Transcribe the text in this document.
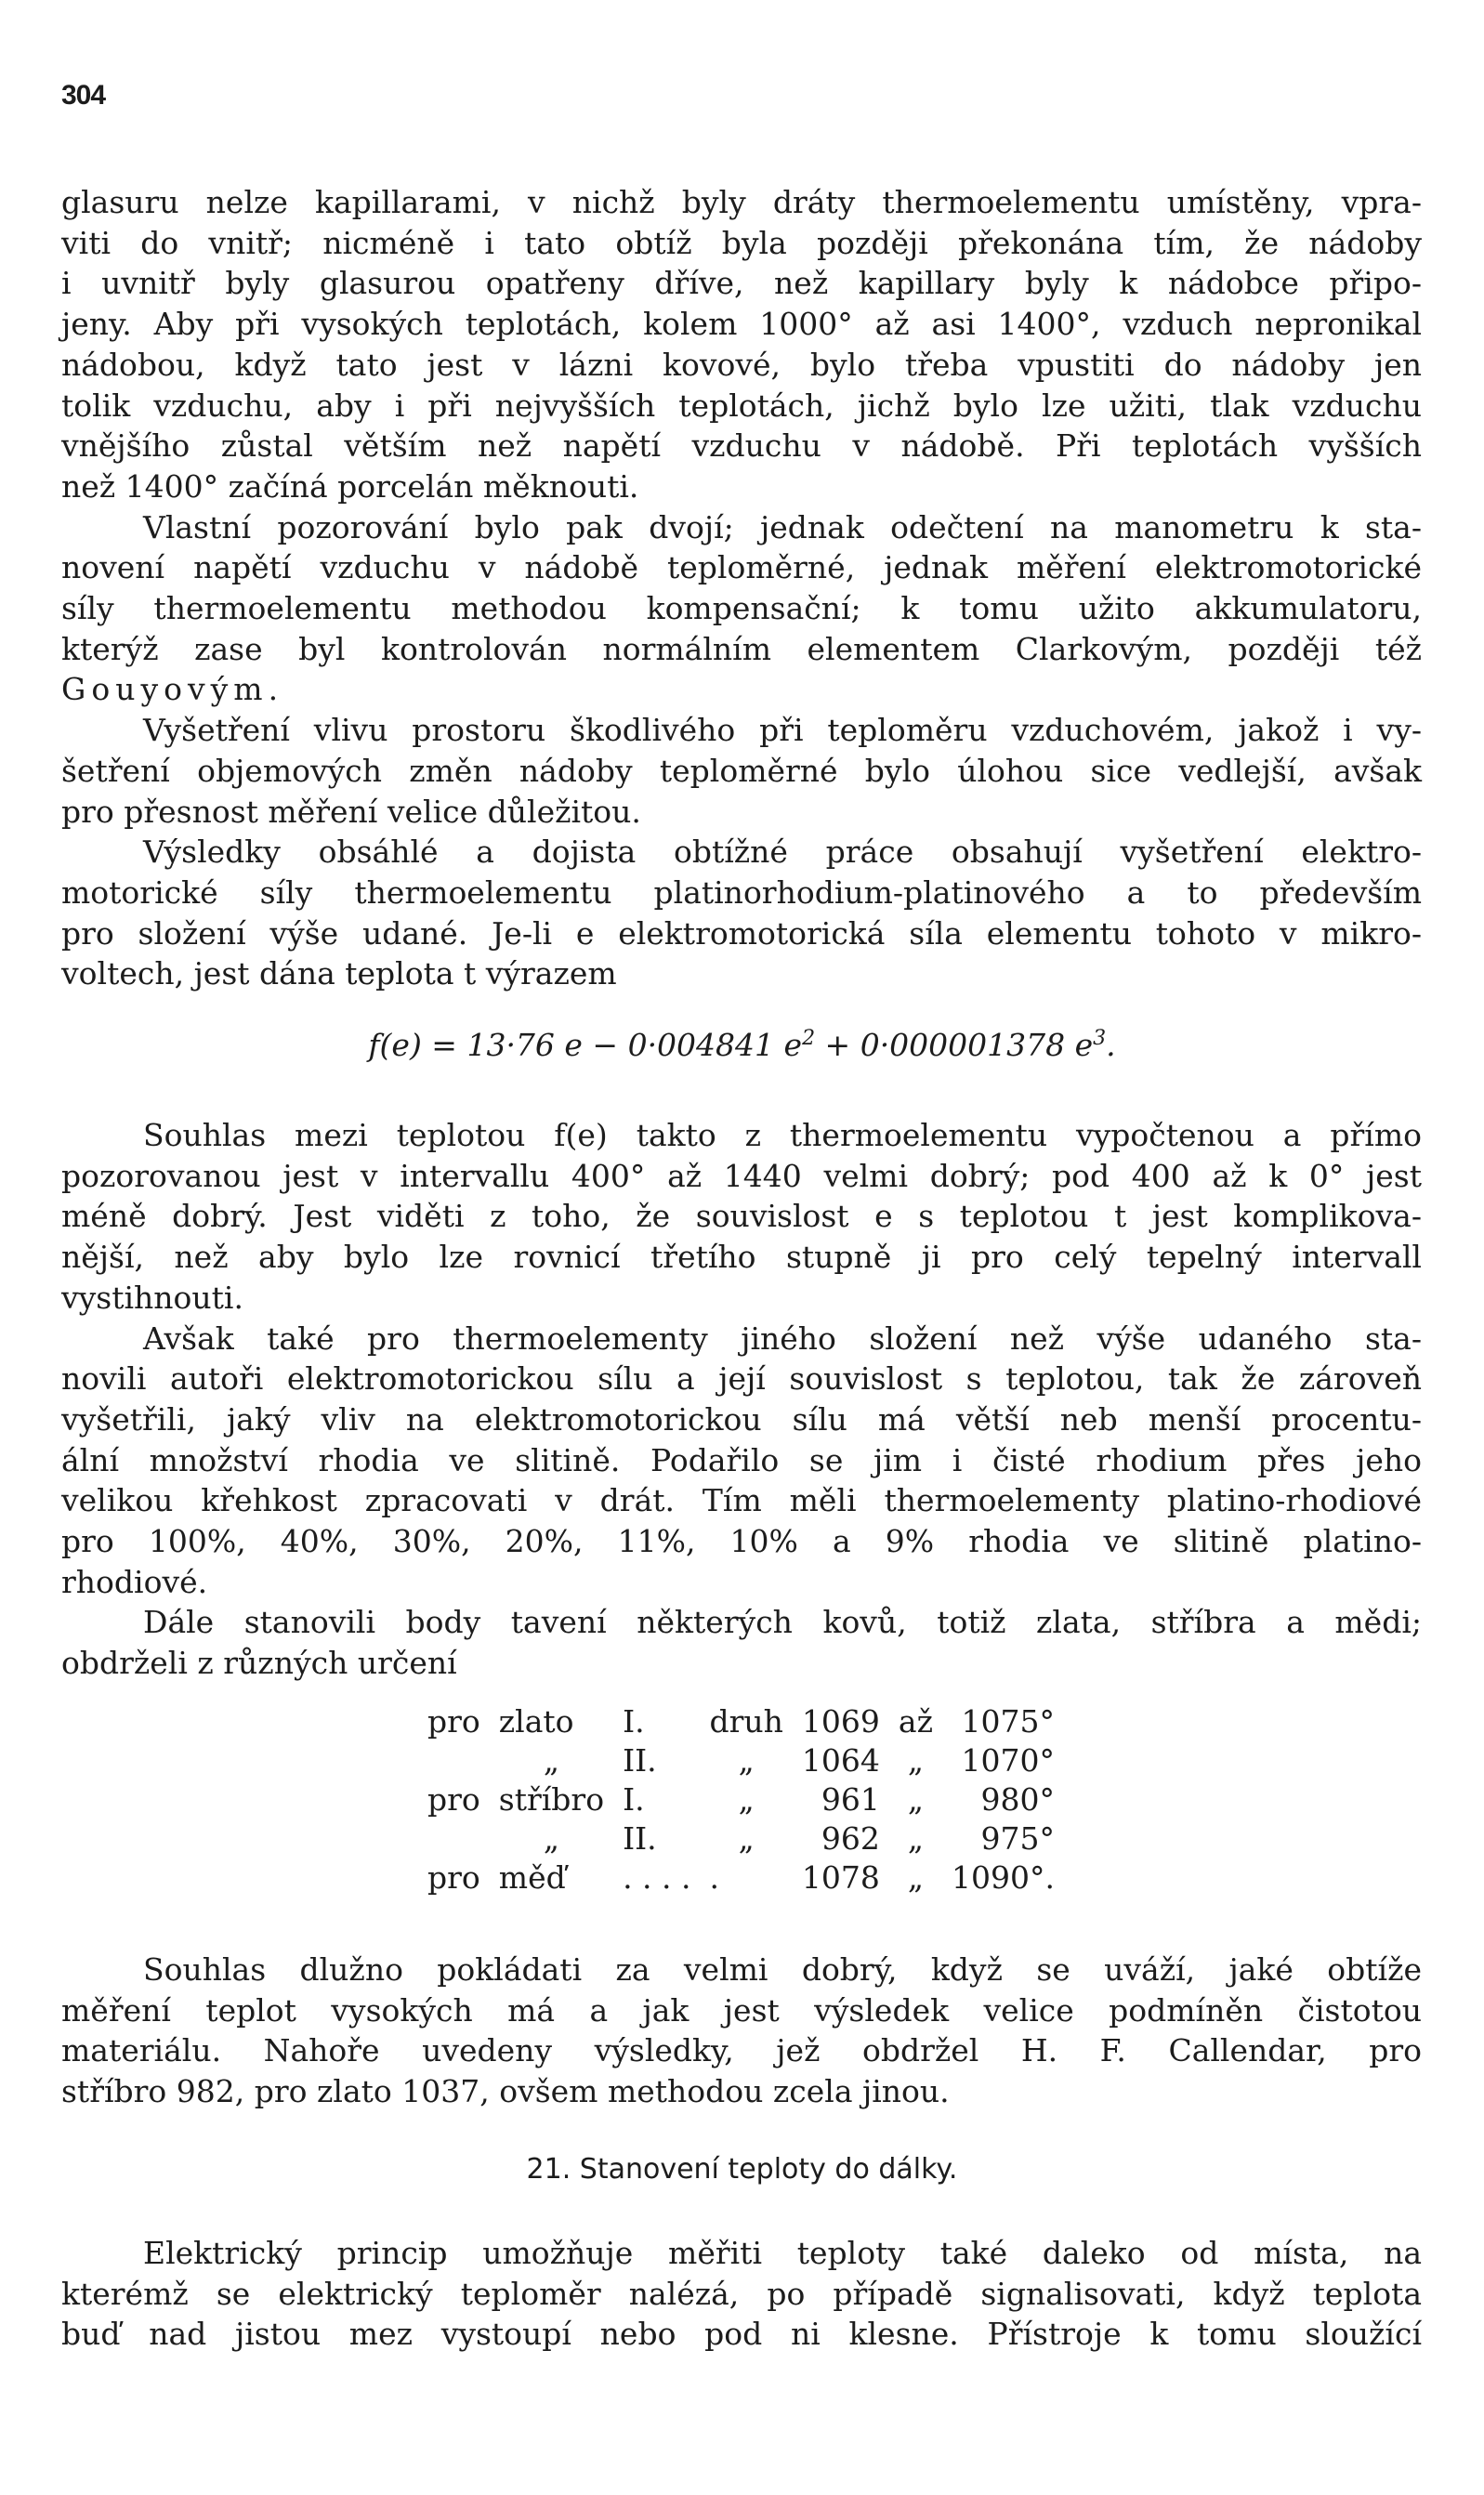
304

glasuru nelze kapillarami, v nichž byly dráty thermoelementu umístěny, vpra-
viti do vnitř; nicméně i tato obtíž byla později překonána tím, že nádoby
i uvnitř byly glasurou opatřeny dříve, než kapillary byly k nádobce připo-
jeny. Aby při vysokých teplotách, kolem 1000° až asi 1400°, vzduch nepronikal
nádobou, když tato jest v lázni kovové, bylo třeba vpustiti do nádoby jen
tolik vzduchu, aby i při nejvyšších teplotách, jichž bylo lze užiti, tlak vzduchu
vnějšího zůstal větším než napětí vzduchu v nádobě. Při teplotách vyšších
než 1400° začíná porcelán měknouti.

Vlastní pozorování bylo pak dvojí; jednak odečtení na manometru k sta-
novení napětí vzduchu v nádobě teploměrné, jednak měření elektromotorické
síly thermoelementu methodou kompensační; k tomu užito akkumulatoru,
kterýž zase byl kontrolován normálním elementem Clarkovým, později též
Gouyovým.

Vyšetření vlivu prostoru škodlivého při teploměru vzduchovém, jakož i vy-
šetření objemových změn nádoby teploměrné bylo úlohou sice vedlejší, avšak
pro přesnost měření velice důležitou.

Výsledky obsáhlé a dojista obtížné práce obsahují vyšetření elektro-
motorické síly thermoelementu platinorhodium-platinového a to především
pro složení výše udané. Je-li e elektromotorická síla elementu tohoto v mikro-
voltech, jest dána teplota t výrazem

f(e) = 13·76 e − 0·004841 $e^2 + 0\cdot 000001378$ $e^3$.

Souhlas mezi teplotou f(e) takto z thermoelementu vypočtenou a přímo
pozorovanou jest v intervallu 400° až 1440 velmi dobrý; pod 400 až k 0° jest
méně dobrý. Jest viděti z toho, že souvislost e s teplotou t jest komplikova-
nější, než aby bylo lze rovnicí třetího stupně ji pro celý tepelný intervall
vystihnouti.

Avšak také pro thermoelementy jiného složení než výše udaného sta-
novili autoři elektromotorickou sílu a její souvislost s teplotou, tak že zároveň
vyšetřili, jaký vliv na elektromotorickou sílu má větší neb menší procentu-
ální množství rhodia ve slitině. Podařilo se jim i čisté rhodium přes jeho
velikou křehkost zpracovati v drát. Tím měli thermoelementy platino-rhodiové
pro 100%, 40%, 30%, 20%, 11%, 10% a 9% rhodia ve slitině platino-
rhodiové.

Dále stanovili body tavení některých kovů, totiž zlata, stříbra a mědi;
obdrželi z různých určení

pro	zlato	I.	druh	1069	až	1075°
	„	II.	„	1064	„	1070°
pro	stříbro	I.	„	961	„	980°
	„	II.	„	962	„	975°
pro	měď	. . . .	.	1078	„	1090°.

Souhlas dlužno pokládati za velmi dobrý, když se uváží, jaké obtíže
měření teplot vysokých má a jak jest výsledek velice podmíněn čistotou
materiálu. Nahoře uvedeny výsledky, jež obdržel H. F. Callendar, pro
stříbro 982, pro zlato 1037, ovšem methodou zcela jinou.

21. Stanovení teploty do dálky.

Elektrický princip umožňuje měřiti teploty také daleko od místa, na
kterémž se elektrický teploměr nalézá, po případě signalisovati, když teplota
buď nad jistou mez vystoupí nebo pod ni klesne. Přístroje k tomu sloužící
